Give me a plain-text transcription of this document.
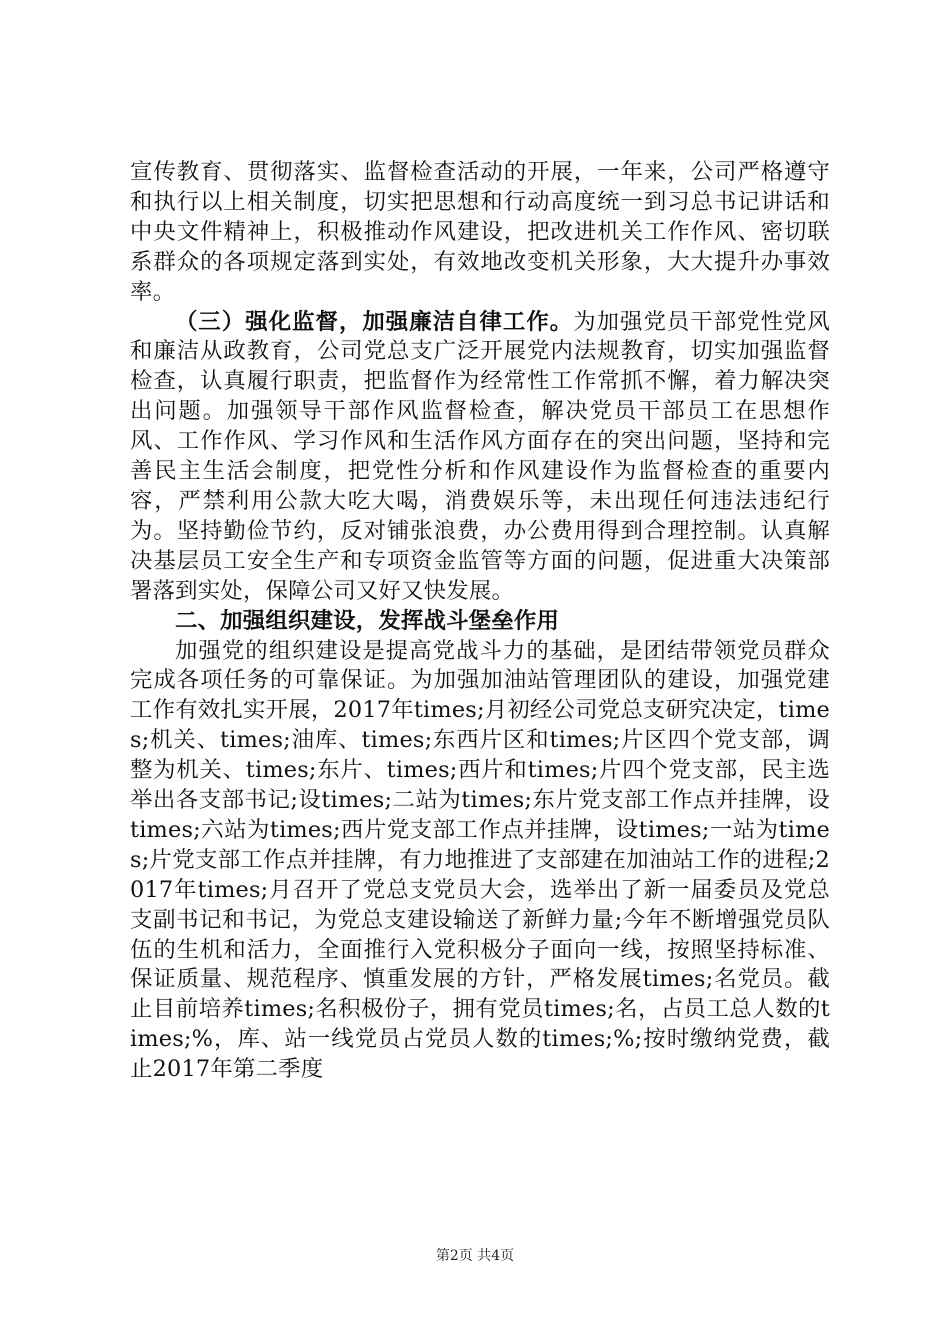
宣传教育、贯彻落实、监督检查活动的开展，一年来，公司严格遵守和执行以上相关制度，切实把思想和行动高度统一到习总书记讲话和中央文件精神上，积极推动作风建设，把改进机关工作作风、密切联系群众的各项规定落到实处，有效地改变机关形象，大大提升办事效率。

（三）强化监督，加强廉洁自律工作。为加强党员干部党性党风和廉洁从政教育，公司党总支广泛开展党内法规教育，切实加强监督检查，认真履行职责，把监督作为经常性工作常抓不懈，着力解决突出问题。加强领导干部作风监督检查，解决党员干部员工在思想作风、工作作风、学习作风和生活作风方面存在的突出问题，坚持和完善民主生活会制度，把党性分析和作风建设作为监督检查的重要内容，严禁利用公款大吃大喝，消费娱乐等，未出现任何违法违纪行为。坚持勤俭节约，反对铺张浪费，办公费用得到合理控制。认真解决基层员工安全生产和专项资金监管等方面的问题，促进重大决策部署落到实处，保障公司又好又快发展。

二、加强组织建设，发挥战斗堡垒作用

加强党的组织建设是提高党战斗力的基础，是团结带领党员群众完成各项任务的可靠保证。为加强加油站管理团队的建设，加强党建工作有效扎实开展，2017年times;月初经公司党总支研究决定，times;机关、times;油库、times;东西片区和times;片区四个党支部，调整为机关、times;东片、times;西片和times;片四个党支部，民主选举出各支部书记;设times;二站为times;东片党支部工作点并挂牌，设times;六站为times;西片党支部工作点并挂牌，设times;一站为times;片党支部工作点并挂牌，有力地推进了支部建在加油站工作的进程;2017年times;月召开了党总支党员大会，选举出了新一届委员及党总支副书记和书记，为党总支建设输送了新鲜力量;今年不断增强党员队伍的生机和活力，全面推行入党积极分子面向一线，按照坚持标准、保证质量、规范程序、慎重发展的方针，严格发展times;名党员。截止目前培养times;名积极份子，拥有党员times;名，占员工总人数的times;%，库、站一线党员占党员人数的times;%;按时缴纳党费，截止2017年第二季度

第2页 共4页
